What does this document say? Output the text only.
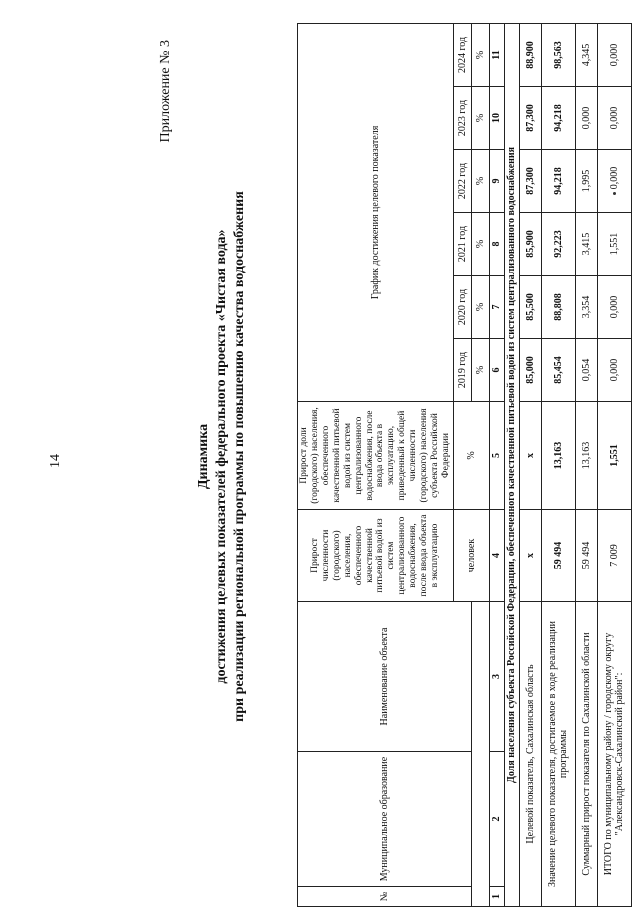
14
Приложение № 3
Динамика достижения целевых показателей федерального проекта «Чистая вода» при реализации региональной программы по повышению качества водоснабжения
№	Муниципальное образование	Наименование объекта	Прирост численности (городского) населения, обеспеченного качественной питьевой водой из систем централизованного водоснабжения, после ввода объекта в эксплуатацию	Прирост доли (городского) населения, обеспеченного качественной питьевой водой из систем централизованного водоснабжения, после ввода объекта в эксплуатацию, приведенный к общей численности (городского) населения субъекта Российской Федерации	График достижения целевого показателя					
			человек	%	2019 год	2020 год	2021 год	2022 год	2023 год	2024 год
					%	%	%	%	%	%
1	2	3	4	5	6	7	8	9	10	11
Доля населения субъекта Российской Федерации, обеспеченного качественной питьевой водой из систем централизованного водоснабжения										
Целевой показатель, Сахалинская область			x	x	85,000	85,500	85,900	87,300	87,300	88,900
Значение целевого показателя, достигаемое в ходе реализации программы			59 494	13,163	85,454	88,808	92,223	94,218	94,218	98,563
Суммарный прирост показателя по Сахалинской области			59 494	13,163	0,054	3,354	3,415	1,995	0,000	4,345
ИТОГО по муниципальному району / городскому округу "Александровск-Сахалинский район":			7 009	1,551	0,000	0,000	1,551	0,000	0,000	0,000
